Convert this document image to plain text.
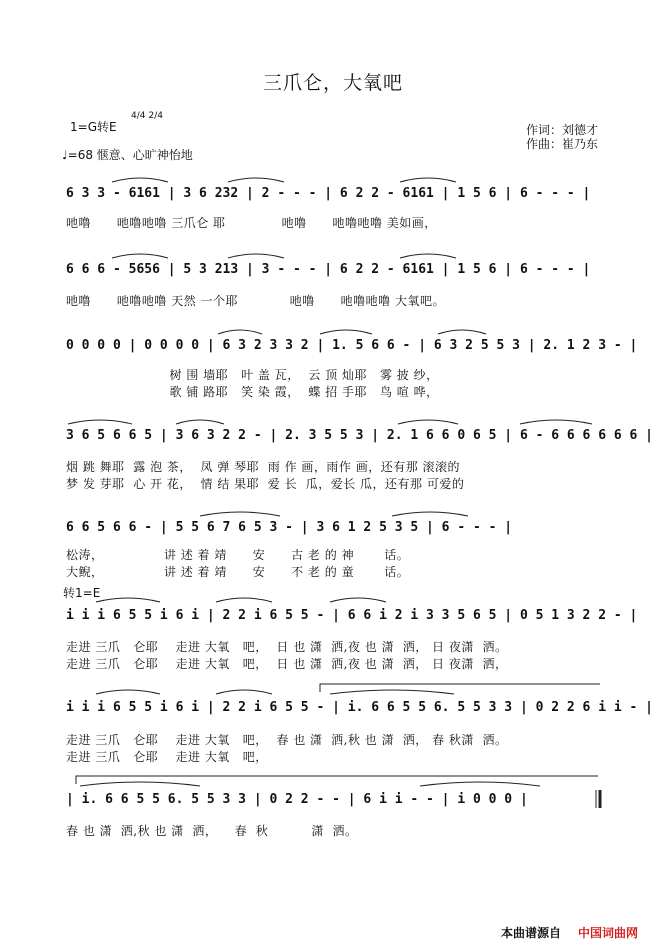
三爪仑，大氧吧
1=G转E
4/4 2/4
♩=68 惬意、心旷神怡地
作词：刘德才
作曲：崔乃东
6 3 3 - 6161 | 3 6 232 | 2 - - - | 6 2 2 - 6161 | 1 5 6 | 6 - - - |
吔噜      吔噜吔噜 三爪仑 耶             吔噜      吔噜吔噜 美如画，
6 6 6 - 5656 | 5 3 213 | 3 - - - | 6 2 2 - 6161 | 1 5 6 | 6 - - - |
吔噜      吔噜吔噜 天然 一个耶            吔噜      吔噜吔噜 大氧吧。
0 0 0 0 | 0 0 0 0 | 6 3 2 3 3 2 | 1. 5 6 6 - | 6 3 2 5 5 3 | 2. 1 2 3 - |
树 围 墙耶   叶 盖 瓦，  云 顶 灿耶   雾 披 纱，
歌 铺 路耶   笑 染 霞，  蝶 招 手耶   鸟 喧 哗，
3 6 5 6 6 5 | 3 6 3 2 2 - | 2. 3 5 5 3 | 2. 1 6 6 0 6 5 | 6 - 6 6 6 6 6 6 |
烟 跳 舞耶  露 泡 茶，  凤 弹 琴耶  雨 作 画，雨作 画，还有那 滚滚的
梦 发 芽耶  心 开 花，  情 结 果耶  爱 长  瓜，爱长 瓜，还有那 可爱的
6 6 5 6 6 - | 5 5 6 7 6 5 3 - | 3 6 1 2 5 3 5 | 6 - - - |
松涛，              讲 述 着 靖      安      古 老 的 神       话。
大鲵，              讲 述 着 靖      安      不 老 的 童       话。
转1=E
i i i 6 5 5 i 6 i | 2 2 i 6 5 5 - | 6 6 i 2 i 3 3 5 6 5 | 0 5 1 3 2 2 - |
走进 三爪   仑耶    走进 大氧   吧，  日 也 潇  洒,夜 也 潇  洒， 日 夜潇  洒。
走进 三爪   仑耶    走进 大氧   吧，  日 也 潇  洒,夜 也 潇  洒， 日 夜潇  洒，
i i i 6 5 5 i 6 i | 2 2 i 6 5 5 - | i. 6 6 5 5 6. 5 5 3 3 | 0 2 2 6 i i - |
走进 三爪   仑耶    走进 大氧   吧，  春 也 潇  洒,秋 也 潇  洒， 春 秋潇  洒。
走进 三爪   仑耶    走进 大氧   吧，
| i. 6 6 5 5 6. 5 5 3 3 | 0 2 2 - - | 6 i i - - | i 0 0 0 |
春 也 潇  洒,秋 也 潇  洒，    春  秋          潇  洒。
本曲谱源自 中国词曲网
